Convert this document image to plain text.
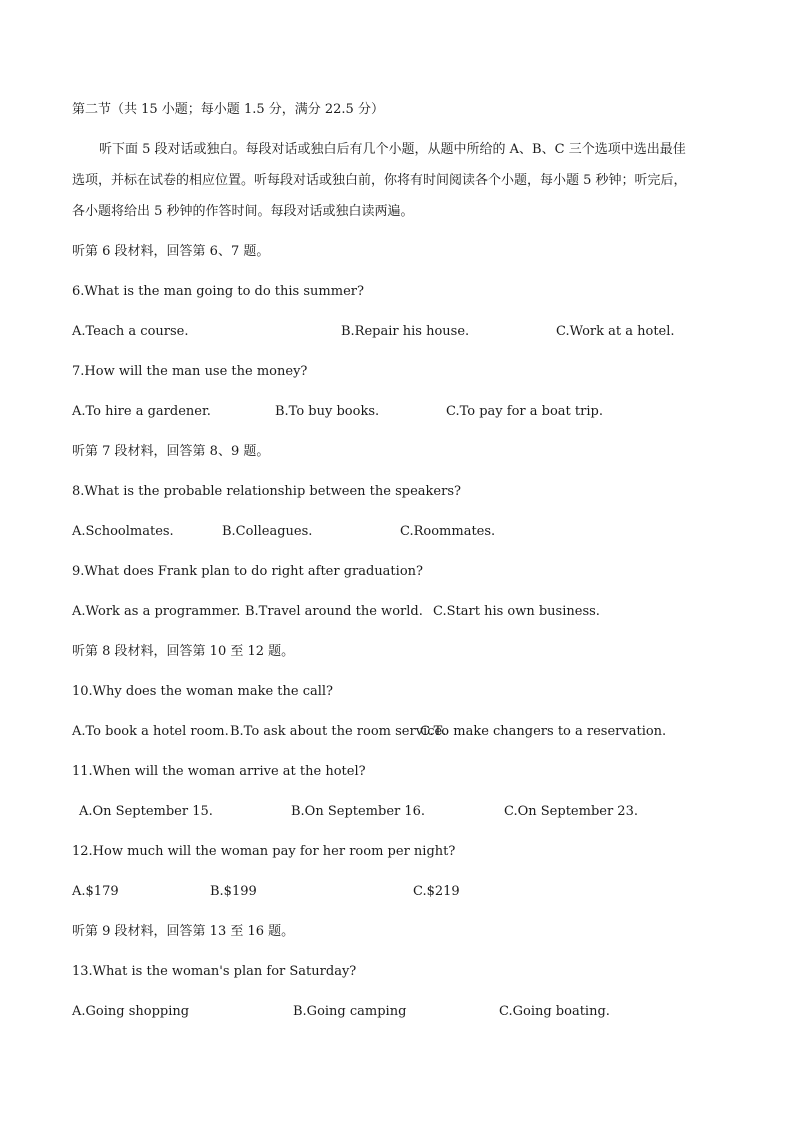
第二节（共 15 小题；每小题 1.5 分，满分 22.5 分）
听下面 5 段对话或独白。每段对话或独白后有几个小题，从题中所给的 A、B、C 三个选项中选出最佳
选项，并标在试卷的相应位置。听每段对话或独白前，你将有时间阅读各个小题，每小题 5 秒钟；听完后，
各小题将给出 5 秒钟的作答时间。每段对话或独白读两遍。
听第 6 段材料，回答第 6、7 题。
6.What is the man going to do this summer?
A.Teach a course.	B.Repair his house.	C.Work at a hotel.
7.How will the man use the money?
A.To hire a gardener.	B.To buy books.	C.To pay for a boat trip.
听第 7 段材料，回答第 8、9 题。
8.What is the probable relationship between the speakers?
A.Schoolmates.	B.Colleagues.	C.Roommates.
9.What does Frank plan to do right after graduation?
A.Work as a programmer. B.Travel around the world. C.Start his own business.
听第 8 段材料，回答第 10 至 12 题。
10.Why does the woman make the call?
A.To book a hotel room. B.To ask about the room service.
C.To make changers to a reservation.
11.When will the woman arrive at the hotel?
A.On September 15.	B.On September 16.	C.On September 23.
12.How much will the woman pay for her room per night?
A.$179	B.$199	C.$219
听第 9 段材料，回答第 13 至 16 题。
13.What is the woman's plan for Saturday?
A.Going shopping	B.Going camping	C.Going boating.
